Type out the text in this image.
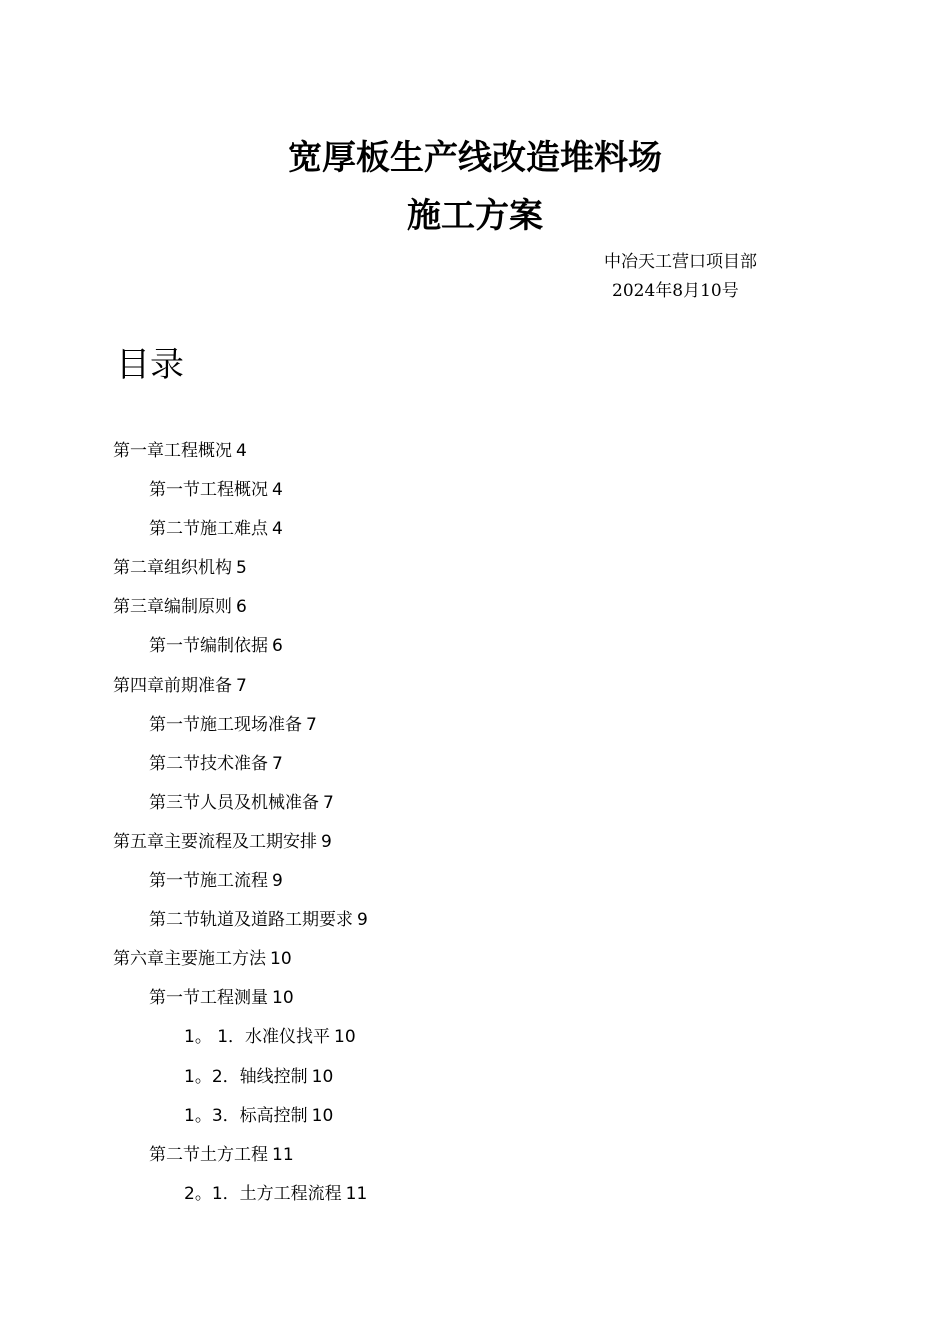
宽厚板生产线改造堆料场
施工方案
中冶天工营口项目部
2024年8月10号
目录
第一章工程概况 4
第一节工程概况 4
第二节施工难点 4
第二章组织机构 5
第三章编制原则 6
第一节编制依据 6
第四章前期准备 7
第一节施工现场准备 7
第二节技术准备 7
第三节人员及机械准备 7
第五章主要流程及工期安排 9
第一节施工流程 9
第二节轨道及道路工期要求 9
第六章主要施工方法 10
第一节工程测量 10
1。 1．水准仪找平 10
1。2．轴线控制 10
1。3．标高控制 10
第二节土方工程 11
2。1．土方工程流程 11
